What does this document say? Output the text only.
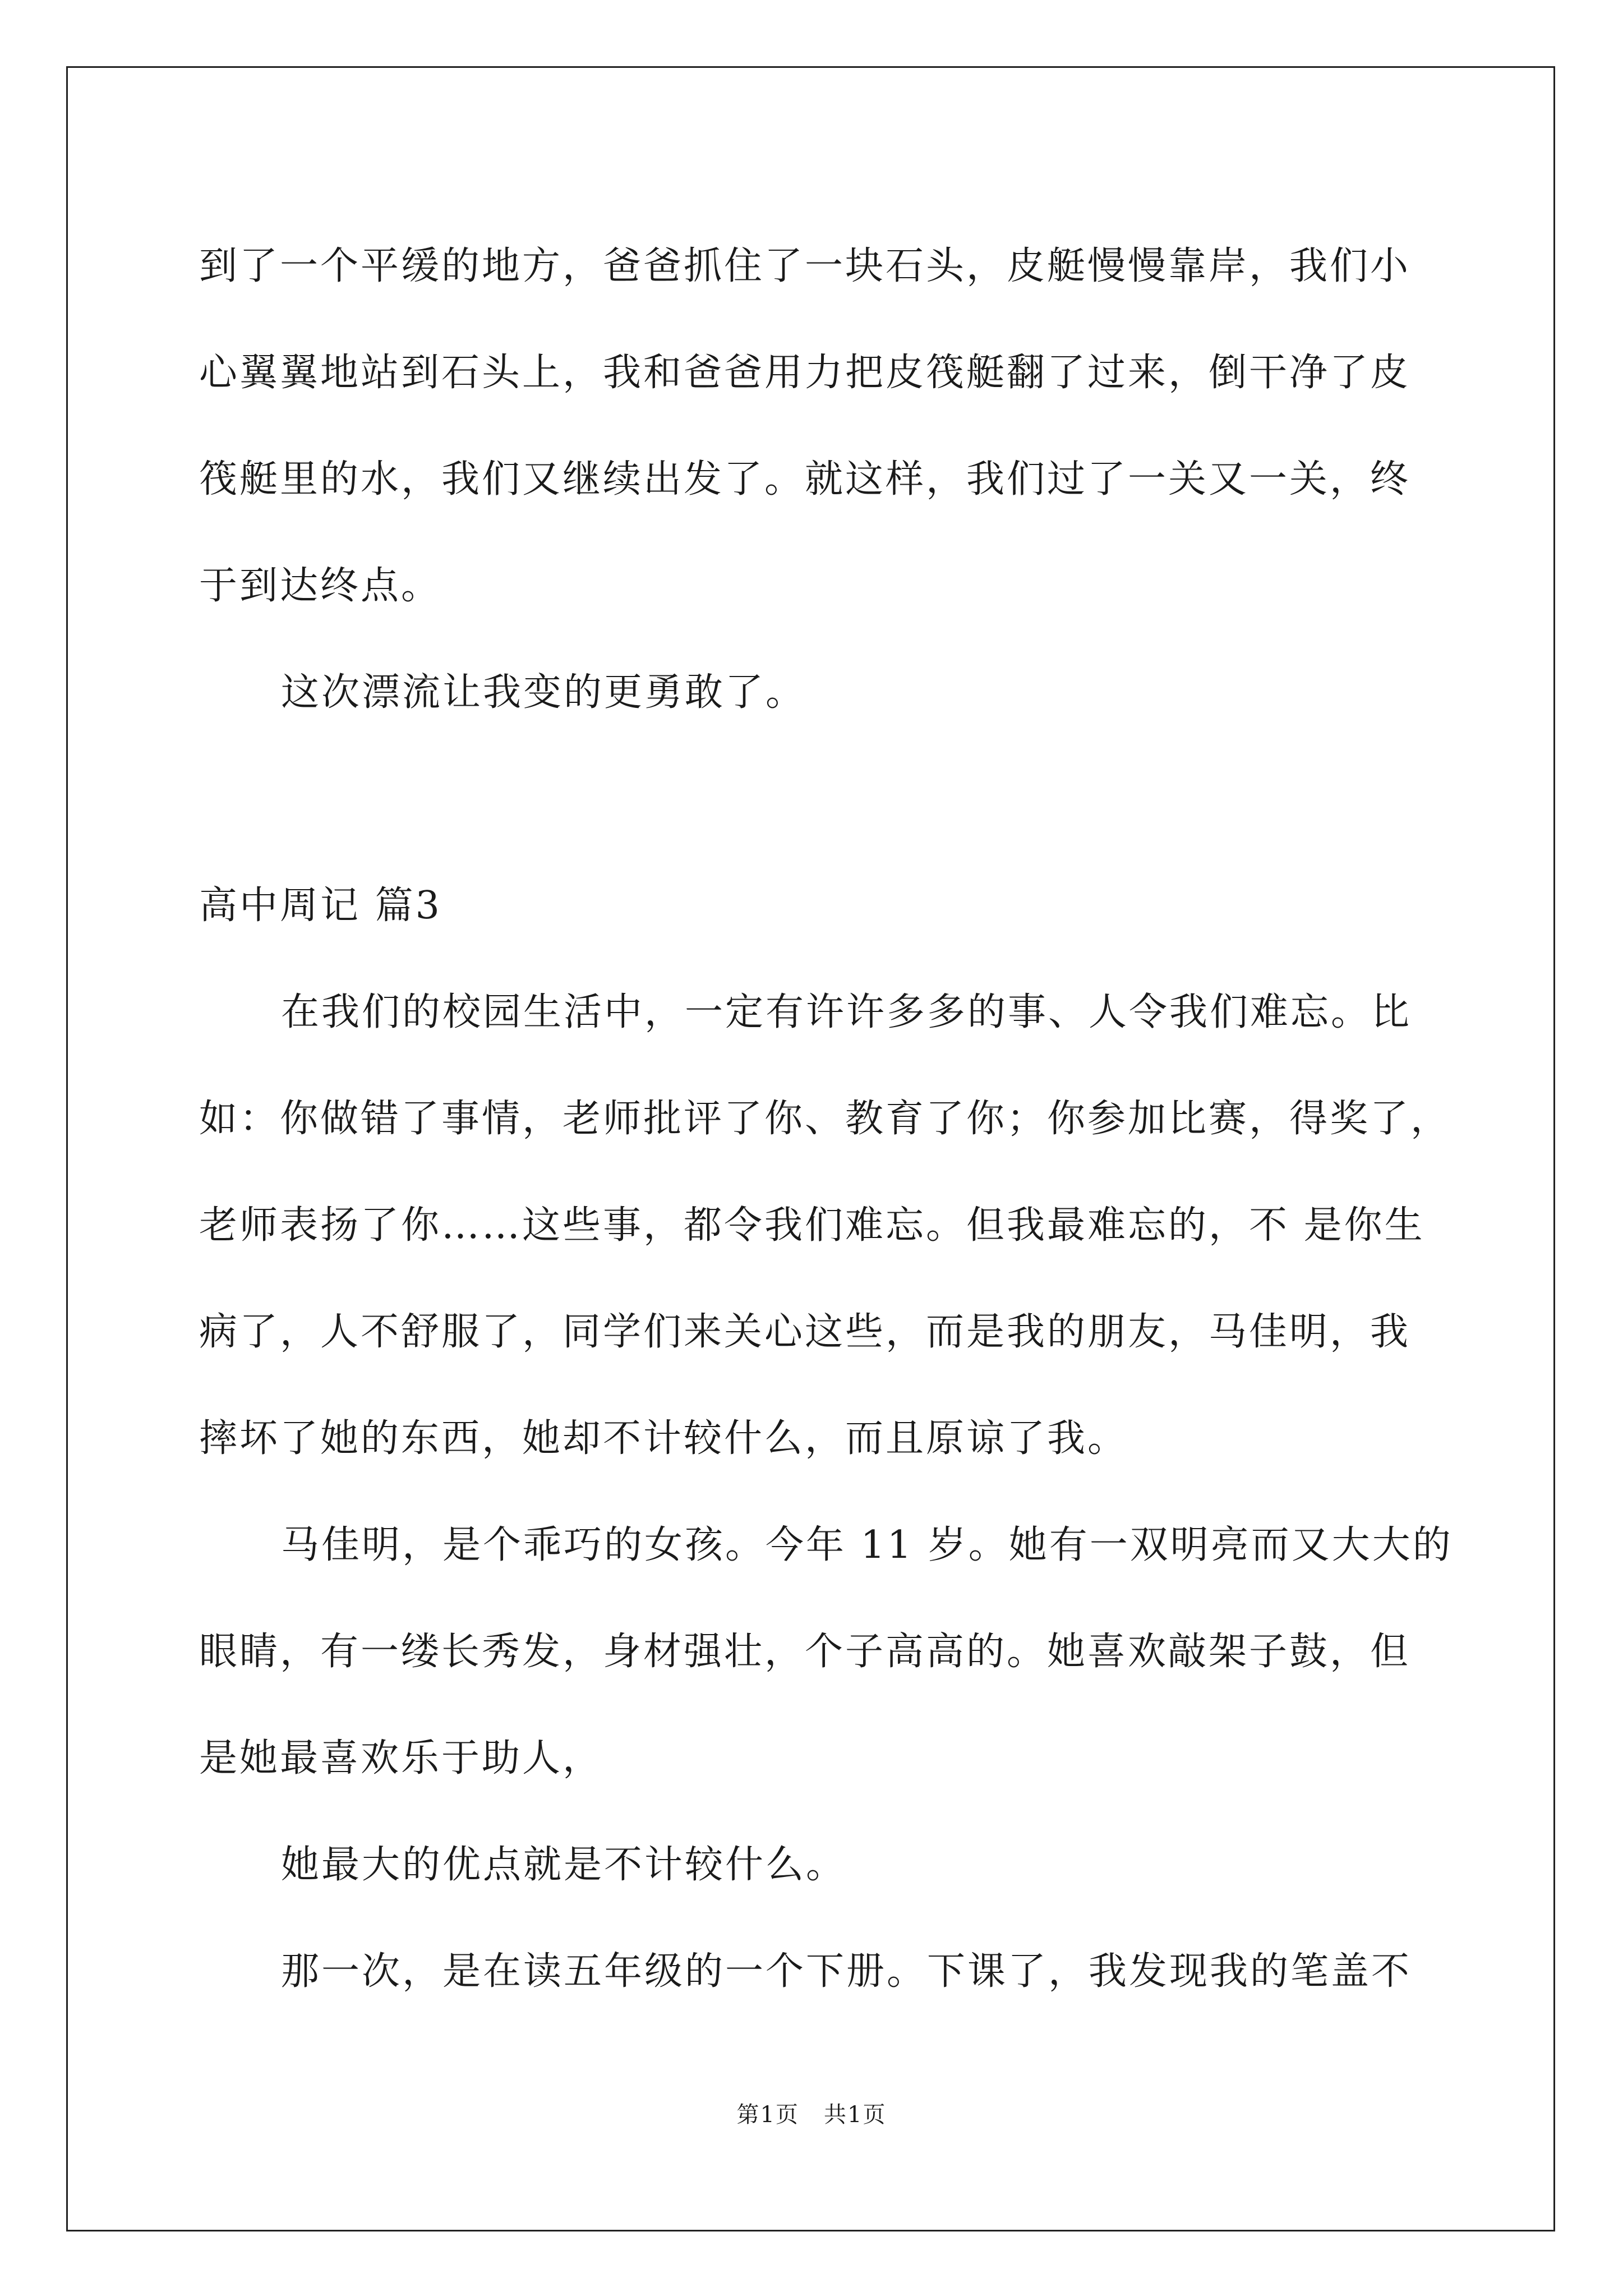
到了一个平缓的地方，爸爸抓住了一块石头，皮艇慢慢靠岸，我们小
心翼翼地站到石头上，我和爸爸用力把皮筏艇翻了过来，倒干净了皮
筏艇里的水，我们又继续出发了。就这样，我们过了一关又一关，终
于到达终点。
这次漂流让我变的更勇敢了。
高中周记 篇3
在我们的校园生活中，一定有许许多多的事、人令我们难忘。比
如：你做错了事情，老师批评了你、教育了你；你参加比赛，得奖了，
老师表扬了你……这些事，都令我们难忘。但我最难忘的，不 是你生
病了，人不舒服了，同学们来关心这些，而是我的朋友，马佳明，我
摔坏了她的东西，她却不计较什么，而且原谅了我。
马佳明，是个乖巧的女孩。今年 11 岁。她有一双明亮而又大大的
眼睛，有一缕长秀发，身材强壮，个子高高的。她喜欢敲架子鼓，但
是她最喜欢乐于助人，
她最大的优点就是不计较什么。
那一次，是在读五年级的一个下册。下课了，我发现我的笔盖不
第1页 共1页
